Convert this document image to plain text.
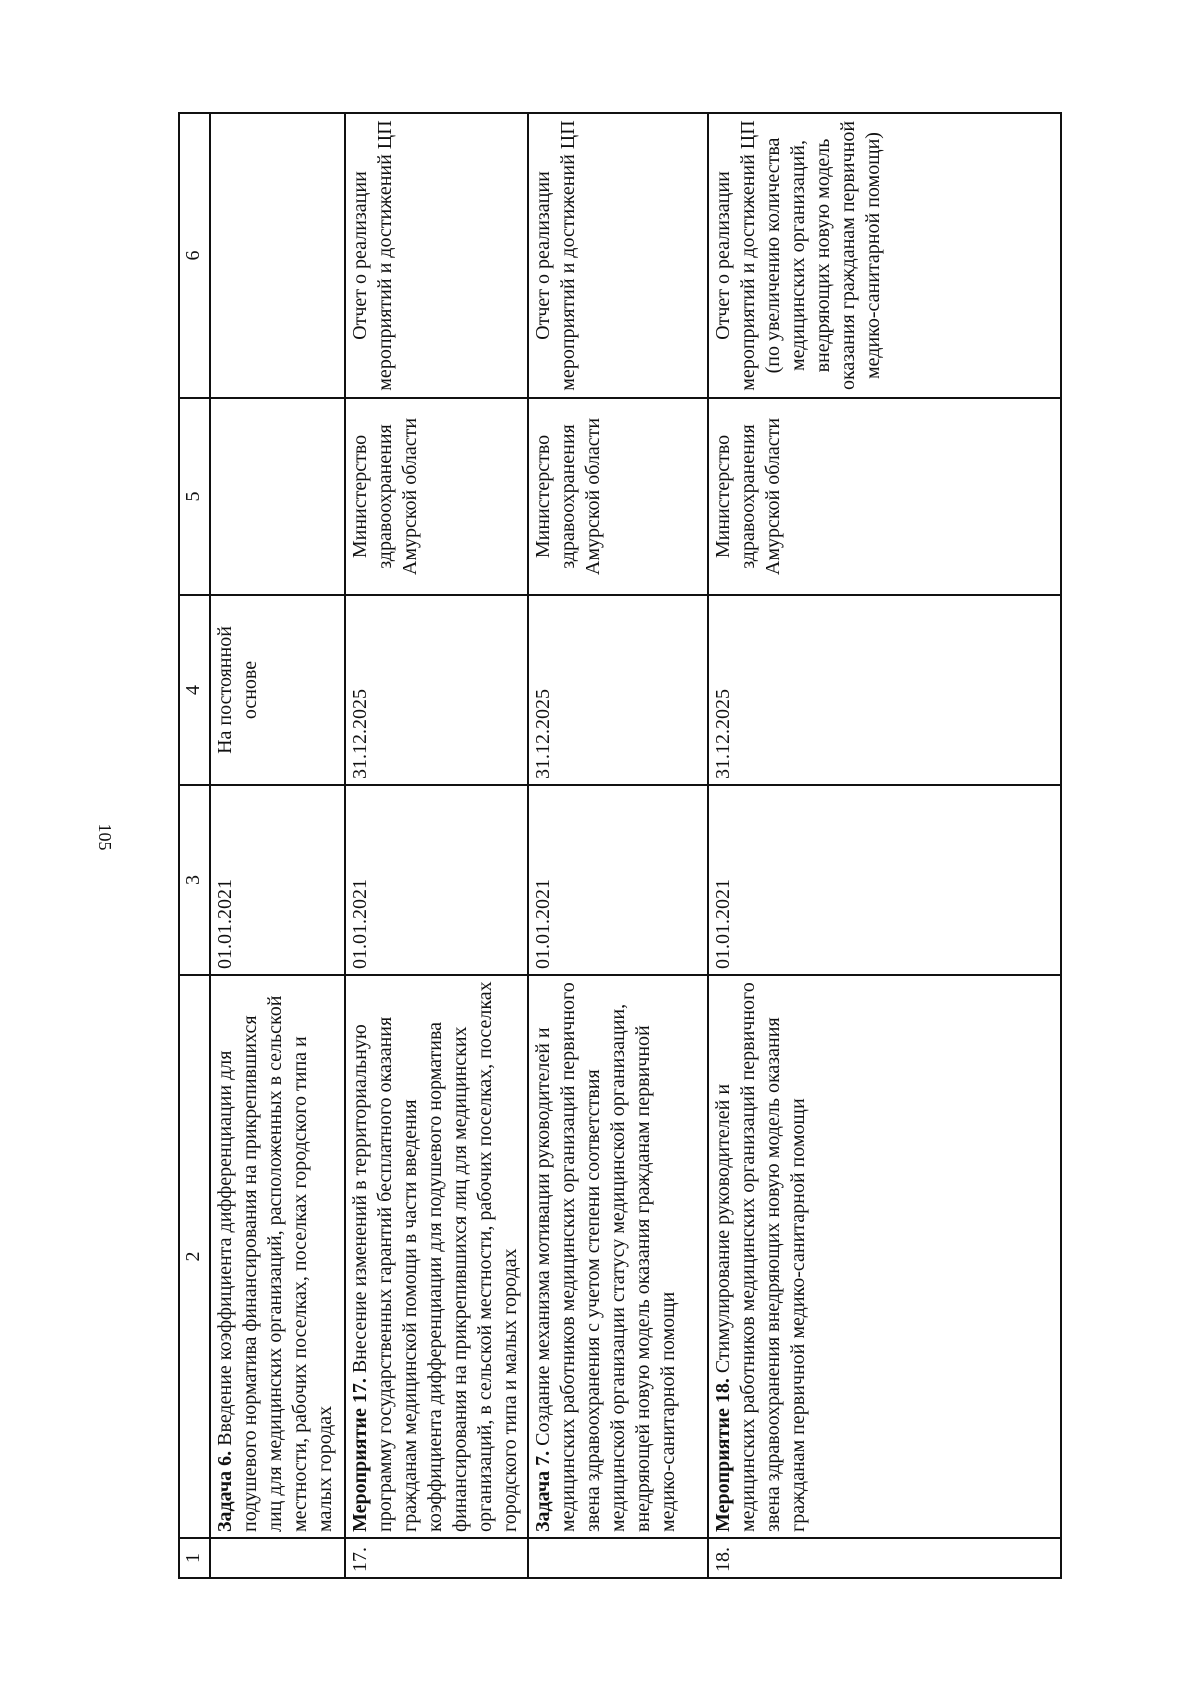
105
1	2	3	4	5	6
	Задача 6. Введение коэффициента дифференциации для подушевого норматива финансирования на прикрепившихся лиц для медицинских организаций, расположенных в сельской местности, рабочих поселках, поселках городского типа и малых городах	01.01.2021	На постоянной основе		
17.	Мероприятие 17. Внесение изменений в территориальную программу государственных гарантий бесплатного оказания гражданам медицинской помощи в части введения коэффициента дифференциации для подушевого норматива финансирования на прикрепившихся лиц для медицинских организаций, в сельской местности, рабочих поселках, поселках городского типа и малых городах	01.01.2021	31.12.2025	Министерство здравоохранения Амурской области	Отчет о реализации мероприятий и достижений ЦП
	Задача 7. Создание механизма мотивации руководителей и медицинских работников медицинских организаций первичного звена здравоохранения с учетом степени соответствия медицинской организации статусу медицинской организации, внедряющей новую модель оказания гражданам первичной медико-санитарной помощи	01.01.2021	31.12.2025	Министерство здравоохранения Амурской области	Отчет о реализации мероприятий и достижений ЦП
18.	Мероприятие 18. Стимулирование руководителей и медицинских работников медицинских организаций первичного звена здравоохранения внедряющих новую модель оказания гражданам первичной медико-санитарной помощи	01.01.2021	31.12.2025	Министерство здравоохранения Амурской области	Отчет о реализации мероприятий и достижений ЦП (по увеличению количества медицинских организаций, внедряющих новую модель оказания гражданам первичной медико-санитарной помощи)
